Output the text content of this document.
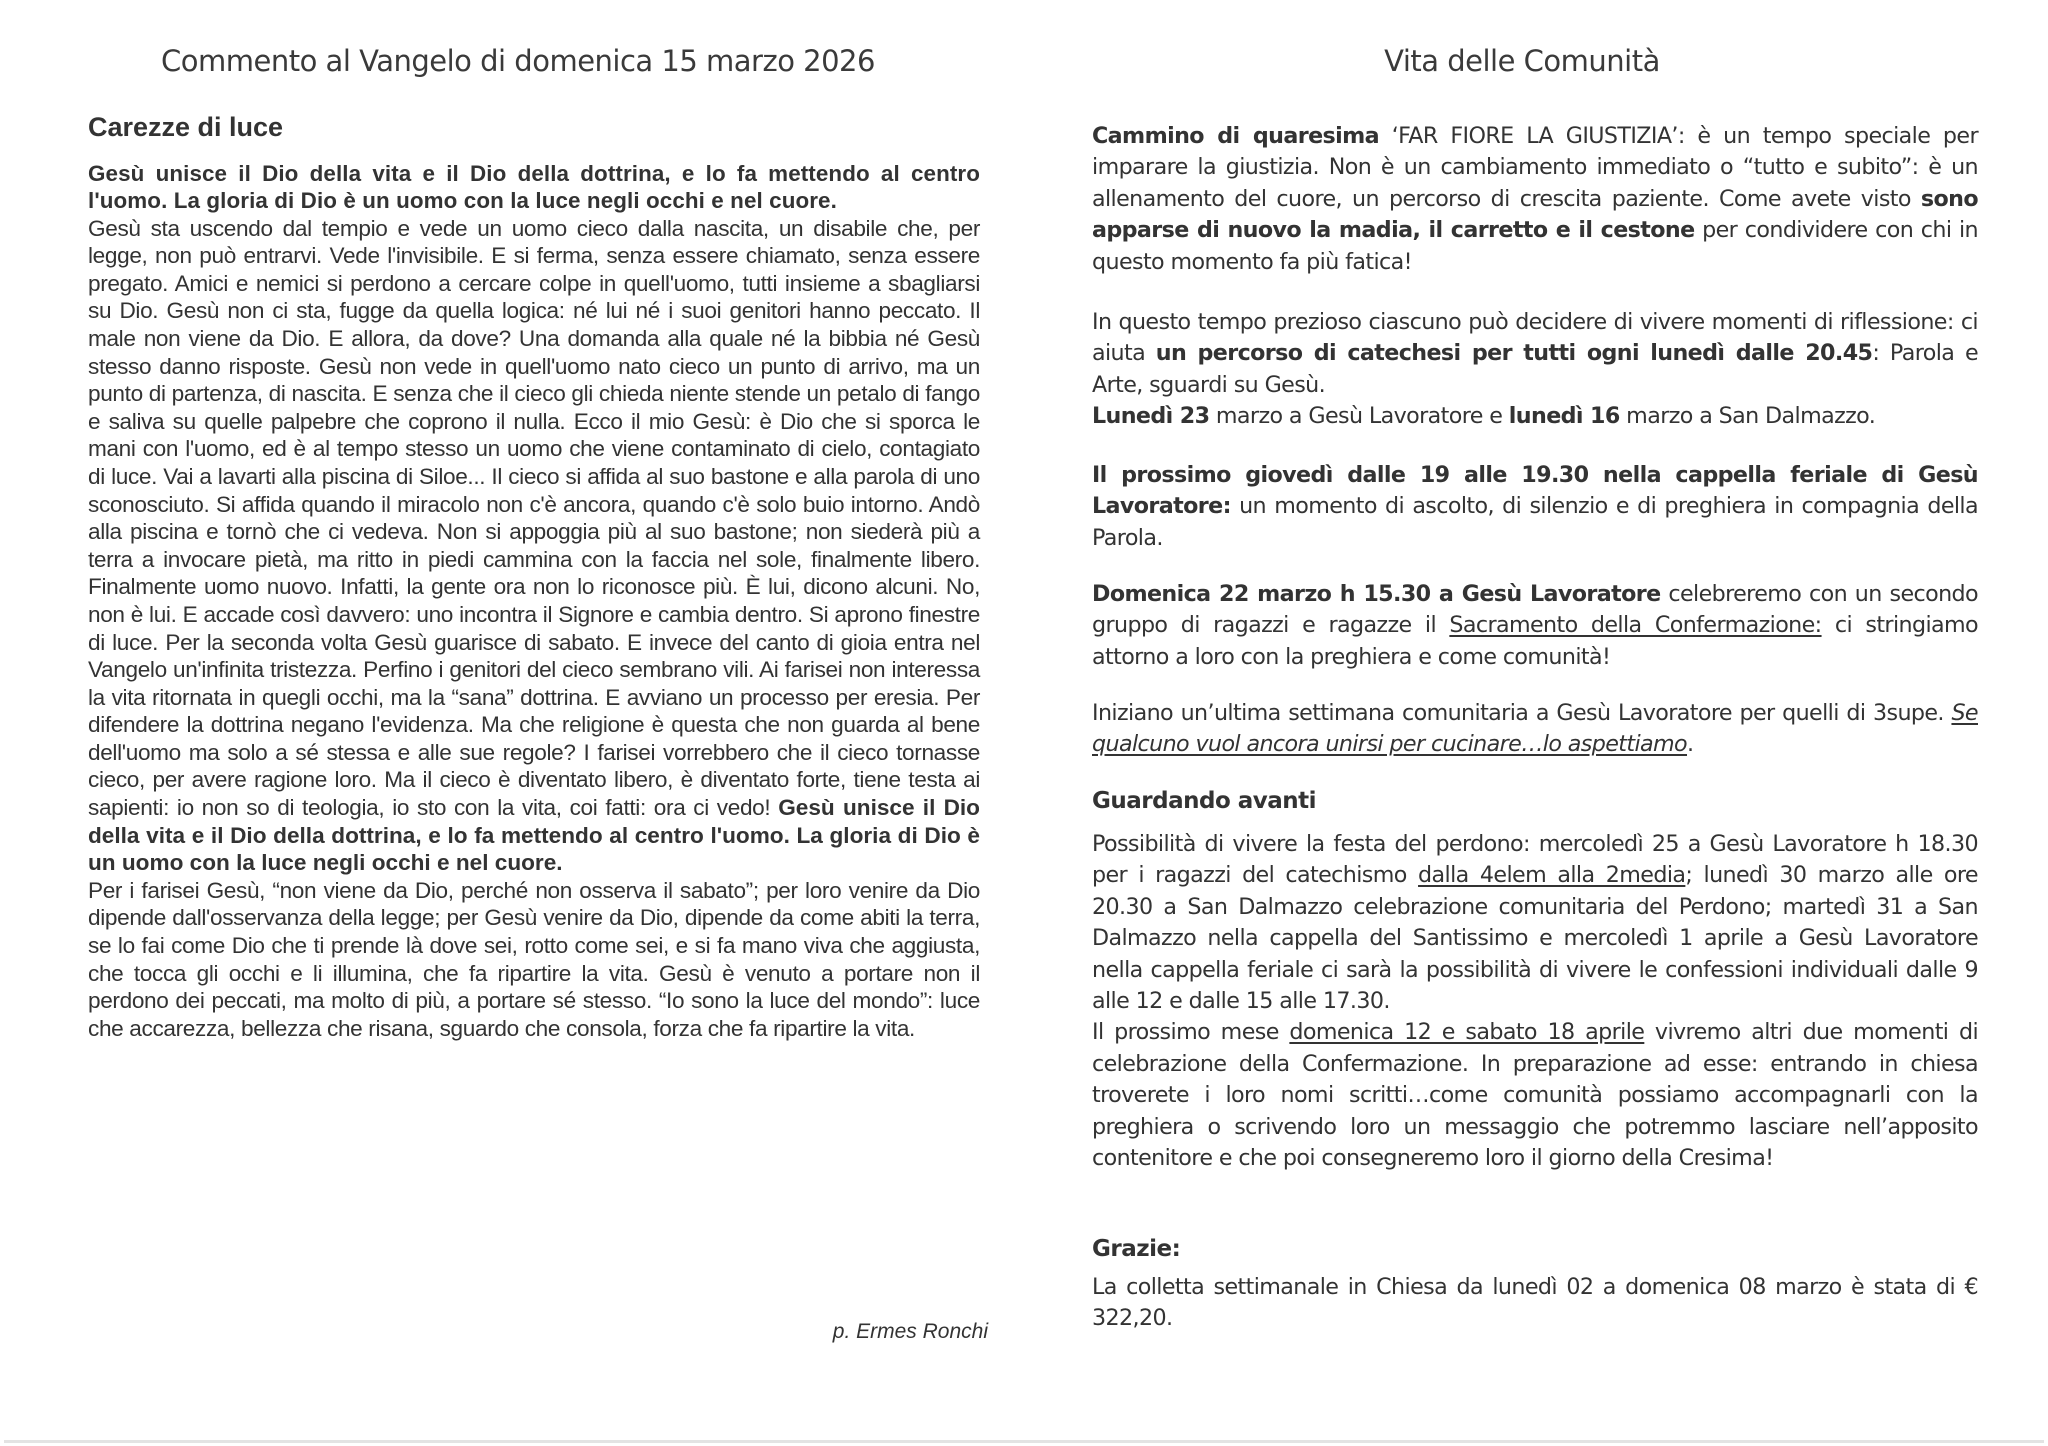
Commento al Vangelo di domenica 15 marzo 2026
Carezze di luce

Gesù unisce il Dio della vita e il Dio della dottrina, e lo fa mettendo al centro l'uomo. La gloria di Dio è un uomo con la luce negli occhi e nel cuore.

Gesù sta uscendo dal tempio e vede un uomo cieco dalla nascita, un disabile che, per legge, non può entrarvi. Vede l'invisibile. E si ferma, senza essere chiamato, senza essere pregato. Amici e nemici si perdono a cercare colpe in quell'uomo, tutti insieme a sbagliarsi su Dio. Gesù non ci sta, fugge da quella logica: né lui né i suoi genitori hanno peccato. Il male non viene da Dio. E allora, da dove? Una domanda alla quale né la bibbia né Gesù stesso danno risposte. Gesù non vede in quell'uomo nato cieco un punto di arrivo, ma un punto di partenza, di nascita. E senza che il cieco gli chieda niente stende un petalo di fango e saliva su quelle palpebre che coprono il nulla. Ecco il mio Gesù: è Dio che si sporca le mani con l'uomo, ed è al tempo stesso un uomo che viene contaminato di cielo, contagiato di luce. Vai a lavarti alla piscina di Siloe... Il cieco si affida al suo bastone e alla parola di uno sconosciuto. Si affida quando il miracolo non c'è ancora, quando c'è solo buio intorno. Andò alla piscina e tornò che ci vedeva. Non si appoggia più al suo bastone; non siederà più a terra a invocare pietà, ma ritto in piedi cammina con la faccia nel sole, finalmente libero. Finalmente uomo nuovo. Infatti, la gente ora non lo riconosce più. È lui, dicono alcuni. No, non è lui. E accade così davvero: uno incontra il Signore e cambia dentro. Si aprono finestre di luce. Per la seconda volta Gesù guarisce di sabato. E invece del canto di gioia entra nel Vangelo un'infinita tristezza. Perfino i genitori del cieco sembrano vili. Ai farisei non interessa la vita ritornata in quegli occhi, ma la “sana” dottrina. E avviano un processo per eresia. Per difendere la dottrina negano l'evidenza. Ma che religione è questa che non guarda al bene dell'uomo ma solo a sé stessa e alle sue regole? I farisei vorrebbero che il cieco tornasse cieco, per avere ragione loro. Ma il cieco è diventato libero, è diventato forte, tiene testa ai sapienti: io non so di teologia, io sto con la vita, coi fatti: ora ci vedo! Gesù unisce il Dio della vita e il Dio della dottrina, e lo fa mettendo al centro l'uomo. La gloria di Dio è un uomo con la luce negli occhi e nel cuore.

Per i farisei Gesù, “non viene da Dio, perché non osserva il sabato”; per loro venire da Dio dipende dall'osservanza della legge; per Gesù venire da Dio, dipende da come abiti la terra, se lo fai come Dio che ti prende là dove sei, rotto come sei, e si fa mano viva che aggiusta, che tocca gli occhi e li illumina, che fa ripartire la vita. Gesù è venuto a portare non il perdono dei peccati, ma molto di più, a portare sé stesso. “Io sono la luce del mondo”: luce che accarezza, bellezza che risana, sguardo che consola, forza che fa ripartire la vita.

p. Ermes Ronchi
Vita delle Comunità

Cammino di quaresima ‘FAR FIORE LA GIUSTIZIA’: è un tempo speciale per imparare la giustizia. Non è un cambiamento immediato o “tutto e subito”: è un allenamento del cuore, un percorso di crescita paziente. Come avete visto sono apparse di nuovo la madia, il carretto e il cestone per condividere con chi in questo momento fa più fatica!

In questo tempo prezioso ciascuno può decidere di vivere momenti di riflessione: ci aiuta un percorso di catechesi per tutti ogni lunedì dalle 20.45: Parola e Arte, sguardi su Gesù.

Lunedì 23 marzo a Gesù Lavoratore e lunedì 16 marzo a San Dalmazzo.

Il prossimo giovedì dalle 19 alle 19.30 nella cappella feriale di Gesù Lavoratore: un momento di ascolto, di silenzio e di preghiera in compagnia della Parola.

Domenica 22 marzo h 15.30 a Gesù Lavoratore celebreremo con un secondo gruppo di ragazzi e ragazze il Sacramento della Confermazione: ci stringiamo attorno a loro con la preghiera e come comunità!

Iniziano un’ultima settimana comunitaria a Gesù Lavoratore per quelli di 3supe. Se qualcuno vuol ancora unirsi per cucinare…lo aspettiamo.

Guardando avanti

Possibilità di vivere la festa del perdono: mercoledì 25 a Gesù Lavoratore h 18.30 per i ragazzi del catechismo dalla 4elem alla 2media; lunedì 30 marzo alle ore 20.30 a San Dalmazzo celebrazione comunitaria del Perdono; martedì 31 a San Dalmazzo nella cappella del Santissimo e mercoledì 1 aprile a Gesù Lavoratore nella cappella feriale ci sarà la possibilità di vivere le confessioni individuali dalle 9 alle 12 e dalle 15 alle 17.30.

Il prossimo mese domenica 12 e sabato 18 aprile vivremo altri due momenti di celebrazione della Confermazione. In preparazione ad esse: entrando in chiesa troverete i loro nomi scritti…come comunità possiamo accompagnarli con la preghiera o scrivendo loro un messaggio che potremmo lasciare nell’apposito contenitore e che poi consegneremo loro il giorno della Cresima!

Grazie:

La colletta settimanale in Chiesa da lunedì 02 a domenica 08 marzo è stata di € 322,20.
